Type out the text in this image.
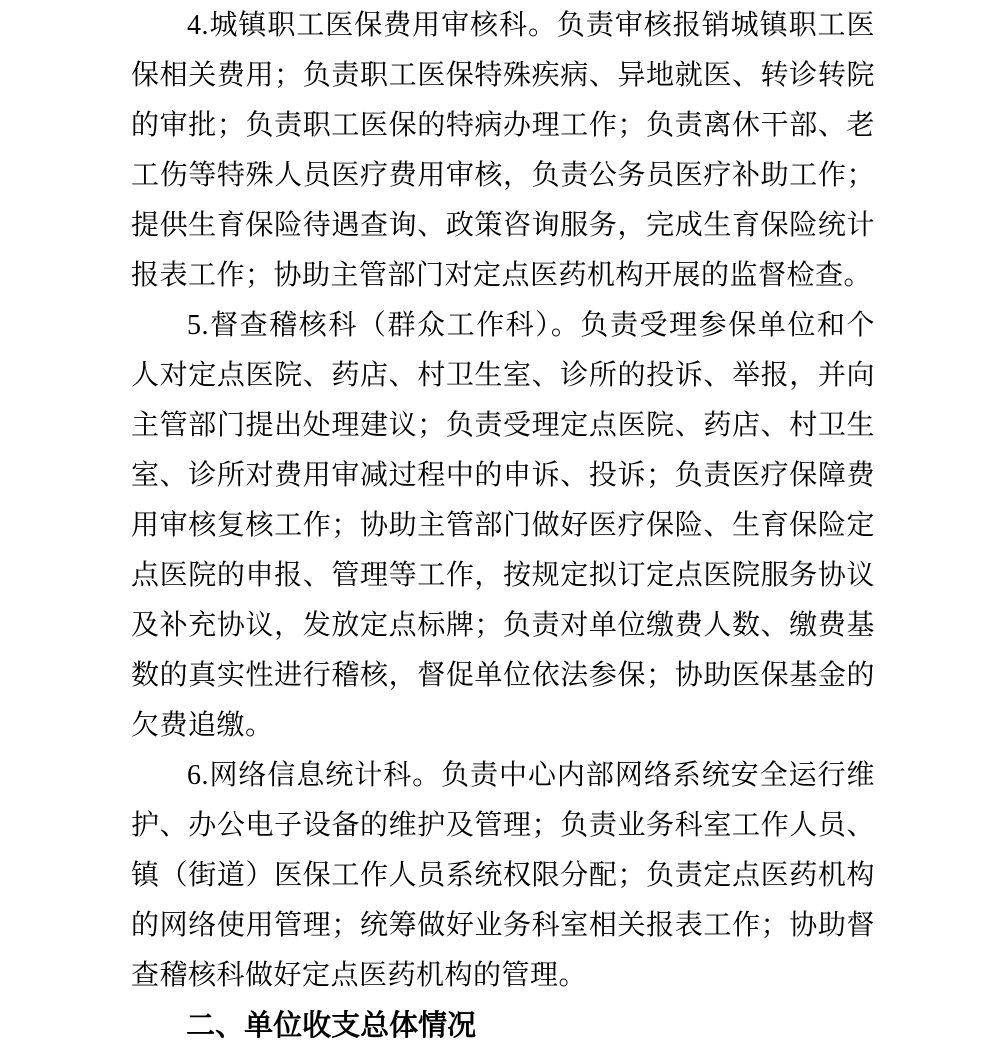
4.城镇职工医保费用审核科。负责审核报销城镇职工医保相关费用；负责职工医保特殊疾病、异地就医、转诊转院的审批；负责职工医保的特病办理工作；负责离休干部、老工伤等特殊人员医疗费用审核，负责公务员医疗补助工作；提供生育保险待遇查询、政策咨询服务，完成生育保险统计报表工作；协助主管部门对定点医药机构开展的监督检查。

5.督查稽核科（群众工作科）。负责受理参保单位和个人对定点医院、药店、村卫生室、诊所的投诉、举报，并向主管部门提出处理建议；负责受理定点医院、药店、村卫生室、诊所对费用审减过程中的申诉、投诉；负责医疗保障费用审核复核工作；协助主管部门做好医疗保险、生育保险定点医院的申报、管理等工作，按规定拟订定点医院服务协议及补充协议，发放定点标牌；负责对单位缴费人数、缴费基数的真实性进行稽核，督促单位依法参保；协助医保基金的欠费追缴。

6.网络信息统计科。负责中心内部网络系统安全运行维护、办公电子设备的维护及管理；负责业务科室工作人员、镇（街道）医保工作人员系统权限分配；负责定点医药机构的网络使用管理；统筹做好业务科室相关报表工作；协助督查稽核科做好定点医药机构的管理。

二、单位收支总体情况
